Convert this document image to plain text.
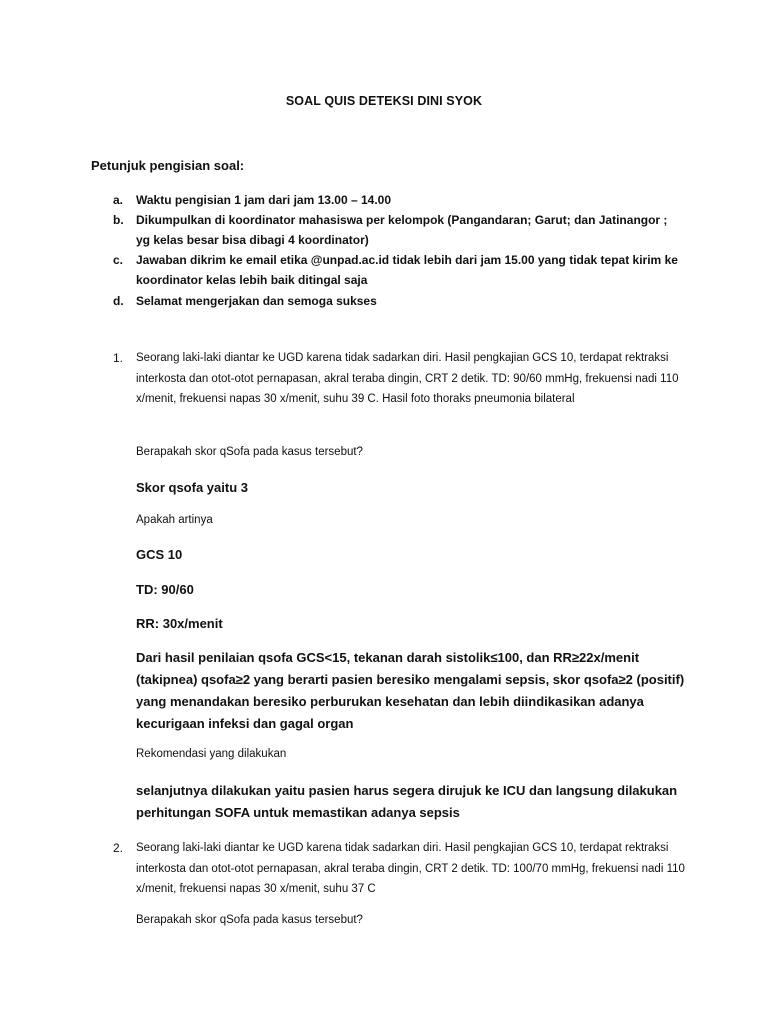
SOAL QUIS DETEKSI DINI SYOK
Petunjuk pengisian soal:
a. Waktu pengisian 1 jam dari jam 13.00 – 14.00
b. Dikumpulkan di koordinator mahasiswa per kelompok (Pangandaran; Garut; dan Jatinangor ; yg kelas besar bisa dibagi 4 koordinator)
c. Jawaban dikrim ke email etika @unpad.ac.id tidak lebih dari jam 15.00 yang tidak tepat kirim ke koordinator kelas lebih baik ditingal saja
d. Selamat mengerjakan dan semoga sukses
1. Seorang laki-laki diantar ke UGD karena tidak sadarkan diri. Hasil pengkajian GCS 10, terdapat rektraksi interkosta dan otot-otot pernapasan, akral teraba dingin, CRT 2 detik. TD: 90/60 mmHg, frekuensi nadi 110 x/menit, frekuensi napas 30 x/menit, suhu 39 C. Hasil foto thoraks pneumonia bilateral
Berapakah skor qSofa pada kasus tersebut?
Skor qsofa yaitu 3
Apakah artinya
GCS 10
TD: 90/60
RR: 30x/menit
Dari hasil penilaian qsofa GCS<15, tekanan darah sistolik≤100, dan RR≥22x/menit (takipnea) qsofa≥2 yang berarti pasien beresiko mengalami sepsis, skor qsofa≥2 (positif) yang menandakan beresiko perburukan kesehatan dan lebih diindikasikan adanya kecurigaan infeksi dan gagal organ
Rekomendasi yang dilakukan
selanjutnya dilakukan yaitu pasien harus segera dirujuk ke ICU dan langsung dilakukan perhitungan SOFA untuk memastikan adanya sepsis
2. Seorang laki-laki diantar ke UGD karena tidak sadarkan diri. Hasil pengkajian GCS 10, terdapat rektraksi interkosta dan otot-otot pernapasan, akral teraba dingin, CRT 2 detik. TD: 100/70 mmHg, frekuensi nadi 110 x/menit, frekuensi napas 30 x/menit, suhu 37 C
Berapakah skor qSofa pada kasus tersebut?
